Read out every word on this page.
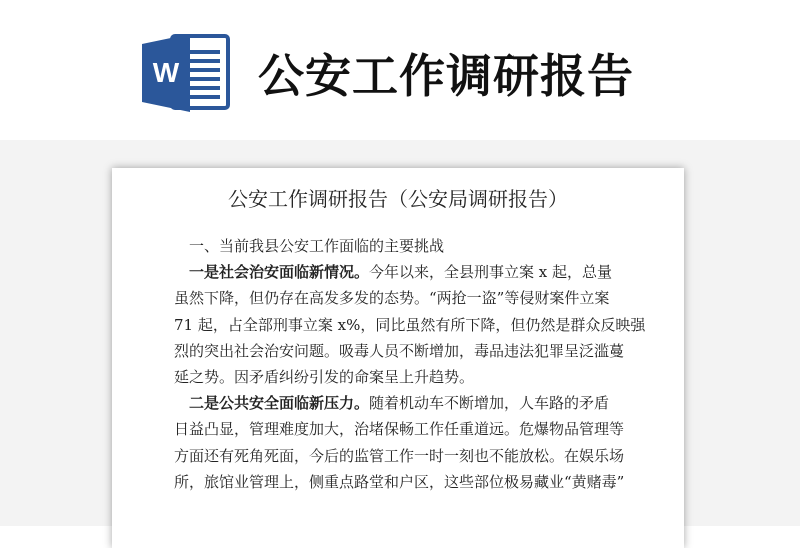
W 公安工作调研报告
公安工作调研报告（公安局调研报告）
一、当前我县公安工作面临的主要挑战
一是社会治安面临新情况。今年以来，全县刑事立案 x 起，总量
虽然下降，但仍存在高发多发的态势。“两抢一盗”等侵财案件立案
71 起，占全部刑事立案 x%，同比虽然有所下降，但仍然是群众反映强
烈的突出社会治安问题。吸毒人员不断增加，毒品违法犯罪呈泛滥蔓
延之势。因矛盾纠纷引发的命案呈上升趋势。
二是公共安全面临新压力。随着机动车不断增加，人车路的矛盾
日益凸显，管理难度加大，治堵保畅工作任重道远。危爆物品管理等
方面还有死角死面，今后的监管工作一时一刻也不能放松。在娱乐场
所，旅馆业管理上，侧重点路堂和户区，这些部位极易藏业“黄赌毒”
